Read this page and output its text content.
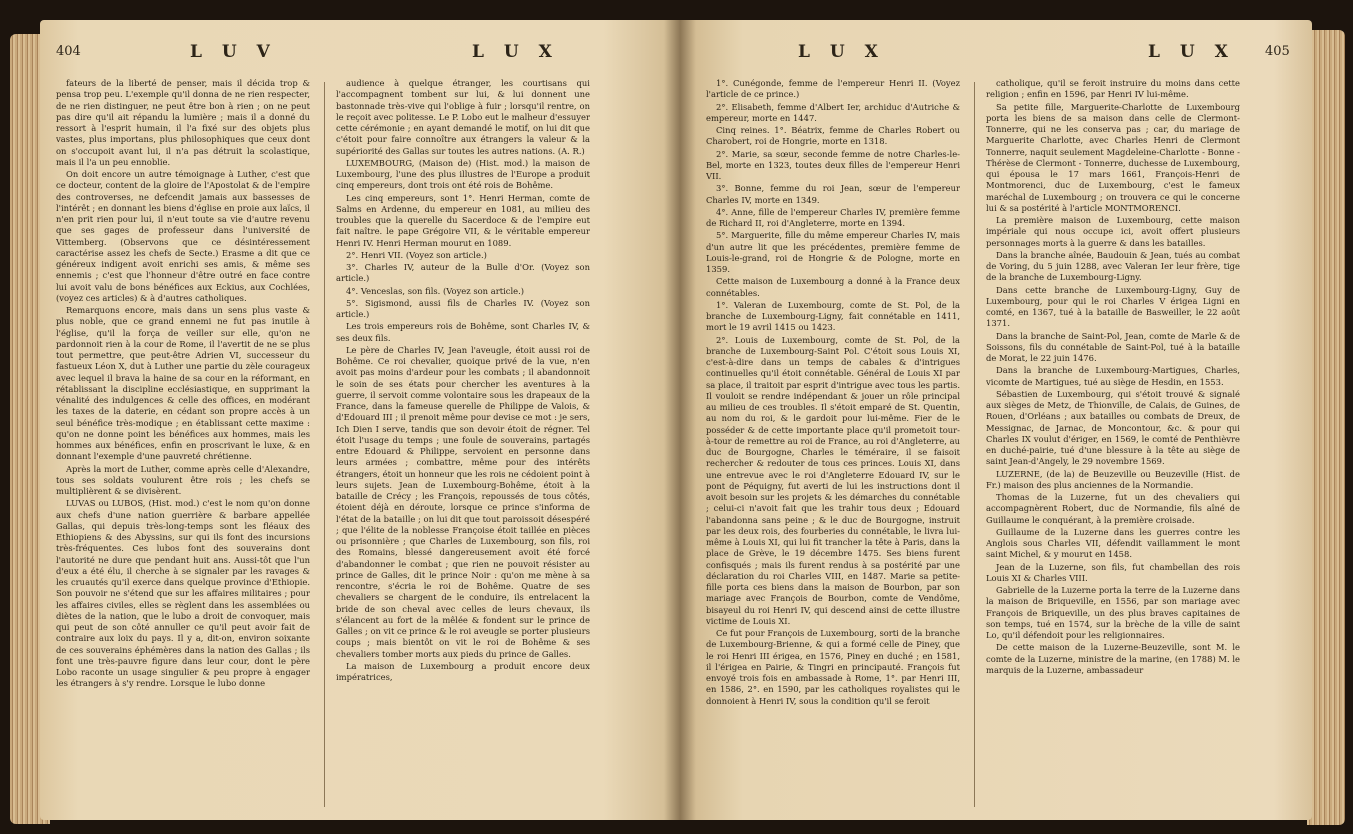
404	L U V	L U X

fateurs de la liberté de penser, mais il décida trop & pensa trop peu. L'exemple qu'il donna de ne rien respecter, de ne rien distinguer, ne peut être bon à rien ; on ne peut pas dire qu'il ait répandu la lumière ; mais il a donné du ressort à l'esprit humain, il l'a fixé sur des objets plus vastes, plus importans, plus philosophiques que ceux dont on s'occupoit avant lui, il n'a pas détruit la scolastique, mais il l'a un peu ennoblie.

On doit encore un autre témoignage à Luther, c'est que ce docteur, content de la gloire de l'Apostolat & de l'empire des controverses, ne defcendit jamais aux bassesses de l'intérêt ; en donnant les biens d'église en proie aux laïcs, il n'en prit rien pour lui, il n'eut toute sa vie d'autre revenu que ses gages de professeur dans l'université de Vittemberg. (Observons que ce désintéressement caractérise assez les chefs de Secte.) Erasme a dit que ce généreux indigent avoit enrichi ses amis, & même ses ennemis ; c'est que l'honneur d'être outré en face contre lui avoit valu de bons bénéfices aux Eckius, aux Cochlées, (voyez ces articles) & à d'autres catholiques.

Remarquons encore, mais dans un sens plus vaste & plus noble, que ce grand ennemi ne fut pas inutile à l'église, qu'il la força de veiller sur elle, qu'on ne pardonnoit rien à la cour de Rome, il l'avertit de ne se plus tout permettre, que peut-être Adrien VI, successeur du fastueux Léon X, dut à Luther une partie du zèle courageux avec lequel il brava la haine de sa cour en la réformant, en rétablissant la discipline ecclésiastique, en supprimant la vénalité des indulgences & celle des offices, en modérant les taxes de la daterie, en cédant son propre accès à un seul bénéfice très-modique ; en établissant cette maxime : qu'on ne donne point les bénéfices aux hommes, mais les hommes aux bénéfices, enfin en proscrivant le luxe, & en donnant l'exemple d'une pauvreté chrétienne.

Après la mort de Luther, comme après celle d'Alexandre, tous ses soldats voulurent être rois ; les chefs se multiplièrent & se divisèrent.

LUVAS ou LUBOS, (Hist. mod.) c'est le nom qu'on donne aux chefs d'une nation guerrière & barbare appellée Gallas, qui depuis très-long-temps sont les fléaux des Ethiopiens & des Abyssins, sur qui ils font des incursions très-fréquentes. Ces lubos font des souverains dont l'autorité ne dure que pendant huit ans. Aussi-tôt que l'un d'eux a été élu, il cherche à se signaler par les ravages & les cruautés qu'il exerce dans quelque province d'Ethiopie. Son pouvoir ne s'étend que sur les affaires militaires ; pour les affaires civiles, elles se règlent dans les assemblées ou diètes de la nation, que le lubo a droit de convoquer, mais qui peut de son côté annuller ce qu'il peut avoir fait de contraire aux loix du pays. Il y a, dit-on, environ soixante de ces souverains éphémères dans la nation des Gallas ; ils font une très-pauvre figure dans leur cour, dont le père Lobo raconte un usage singulier & peu propre à engager les étrangers à s'y rendre. Lorsque le lubo donne

audience à quelque étranger, les courtisans qui l'accompagnent tombent sur lui, & lui donnent une bastonnade très-vive qui l'oblige à fuir ; lorsqu'il rentre, on le reçoit avec politesse. Le P. Lobo eut le malheur d'essuyer cette cérémonie ; en ayant demandé le motif, on lui dit que c'étoit pour faire connoître aux étrangers la valeur & la supériorité des Gallas sur toutes les autres nations. (A. R.)

LUXEMBOURG, (Maison de) (Hist. mod.) la maison de Luxembourg, l'une des plus illustres de l'Europe a produit cinq empereurs, dont trois ont été rois de Bohême.

Les cinq empereurs, sont 1°. Henri Herman, comte de Salms en Ardenne, du empereur en 1081, au milieu des troubles que la querelle du Sacerdoce & de l'empire eut fait naître. le pape Grégoire VII, & le véritable empereur Henri IV. Henri Herman mourut en 1089.

2°. Henri VII. (Voyez son article.)

3°. Charles IV, auteur de la Bulle d'Or. (Voyez son article.)

4°. Venceslas, son fils. (Voyez son article.)

5°. Sigismond, aussi fils de Charles IV. (Voyez son article.)

Les trois empereurs rois de Bohême, sont Charles IV, & ses deux fils.

Le père de Charles IV, Jean l'aveugle, étoit aussi roi de Bohême. Ce roi chevalier, quoique privé de la vue, n'en avoit pas moins d'ardeur pour les combats ; il abandonnoit le soin de ses états pour chercher les aventures à la guerre, il servoit comme volontaire sous les drapeaux de la France, dans la fameuse querelle de Philippe de Valois, & d'Edouard III ; il prenoit même pour devise ce mot : je sers, Ich Dien I serve, tandis que son devoir étoit de régner. Tel étoit l'usage du temps ; une foule de souverains, partagés entre Edouard & Philippe, servoient en personne dans leurs armées ; combattre, même pour des intérêts étrangers, étoit un honneur que les rois ne cédoient point à leurs sujets. Jean de Luxembourg-Bohême, étoit à la bataille de Crécy ; les François, repoussés de tous côtés, étoient déjà en déroute, lorsque ce prince s'informa de l'état de la bataille ; on lui dit que tout paroissoit désespéré ; que l'élite de la noblesse Françoise étoit taillée en pièces ou prisonnière ; que Charles de Luxembourg, son fils, roi des Romains, blessé dangereusement avoit été forcé d'abandonner le combat ; que rien ne pouvoit résister au prince de Galles, dit le prince Noir : qu'on me mène à sa rencontre, s'écria le roi de Bohême. Quatre de ses chevaliers se chargent de le conduire, ils entrelacent la bride de son cheval avec celles de leurs chevaux, ils s'élancent au fort de la mêlée & fondent sur le prince de Galles ; on vit ce prince & le roi aveugle se porter plusieurs coups ; mais bientôt on vit le roi de Bohême & ses chevaliers tomber morts aux pieds du prince de Galles.

La maison de Luxembourg a produit encore deux impératrices,

L U X	L U X 405

1°. Cunégonde, femme de l'empereur Henri II. (Voyez l'article de ce prince.)

2°. Elisabeth, femme d'Albert Ier, archiduc d'Autriche & empereur, morte en 1447.

Cinq reines. 1°. Béatrix, femme de Charles Robert ou Charobert, roi de Hongrie, morte en 1318.

2°. Marie, sa sœur, seconde femme de notre Charles-le-Bel, morte en 1323, toutes deux filles de l'empereur Henri VII.

3°. Bonne, femme du roi Jean, sœur de l'empereur Charles IV, morte en 1349.

4°. Anne, fille de l'empereur Charles IV, première femme de Richard II, roi d'Angleterre, morte en 1394.

5°. Marguerite, fille du même empereur Charles IV, mais d'un autre lit que les précédentes, première femme de Louis-le-grand, roi de Hongrie & de Pologne, morte en 1359.

Cette maison de Luxembourg a donné à la France deux connétables.

1°. Valeran de Luxembourg, comte de St. Pol, de la branche de Luxembourg-Ligny, fait connétable en 1411, mort le 19 avril 1415 ou 1423.

2°. Louis de Luxembourg, comte de St. Pol, de la branche de Luxembourg-Saint Pol. C'étoit sous Louis XI, c'est-à-dire dans un temps de cabales & d'intrigues continuelles qu'il étoit connétable. Général de Louis XI par sa place, il traitoit par esprit d'intrigue avec tous les partis. Il vouloit se rendre indépendant & jouer un rôle principal au milieu de ces troubles. Il s'étoit emparé de St. Quentin, au nom du roi, & le gardoit pour lui-même. Fier de le posséder & de cette importante place qu'il prometoit tour-à-tour de remettre au roi de France, au roi d'Angleterre, au duc de Bourgogne, Charles le téméraire, il se faisoit rechercher & redouter de tous ces princes. Louis XI, dans une entrevue avec le roi d'Angleterre Edouard IV, sur le pont de Péquigny, fut averti de lui les instructions dont il avoit besoin sur les projets & les démarches du connétable ; celui-ci n'avoit fait que les trahir tous deux ; Edouard l'abandonna sans peine ; & le duc de Bourgogne, instruit par les deux rois, des fourberies du connétable, le livra lui-même à Louis XI, qui lui fit trancher la tête à Paris, dans la place de Grève, le 19 décembre 1475. Ses biens furent confisqués ; mais ils furent rendus à sa postérité par une déclaration du roi Charles VIII, en 1487. Marie sa petite-fille porta ces biens dans la maison de Bourbon, par son mariage avec François de Bourbon, comte de Vendôme, bisayeul du roi Henri IV, qui descend ainsi de cette illustre victime de Louis XI.

Ce fut pour François de Luxembourg, sorti de la branche de Luxembourg-Brienne, & qui a formé celle de Piney, que le roi Henri III érigea, en 1576, Piney en duché ; en 1581, il l'érigea en Pairie, & Tingri en principauté. François fut envoyé trois fois en ambassade à Rome, 1°. par Henri III, en 1586, 2°. en 1590, par les catholiques royalistes qui le donnoient à Henri IV, sous la condition qu'il se feroit

catholique, qu'il se feroit instruire du moins dans cette religion ; enfin en 1596, par Henri IV lui-même.

Sa petite fille, Marguerite-Charlotte de Luxembourg porta les biens de sa maison dans celle de Clermont-Tonnerre, qui ne les conserva pas ; car, du mariage de Marguerite Charlotte, avec Charles Henri de Clermont Tonnerre, naquit seulement Magdeleine-Charlotte - Bonne - Thérèse de Clermont - Tonnerre, duchesse de Luxembourg, qui épousa le 17 mars 1661, François-Henri de Montmorenci, duc de Luxembourg, c'est le fameux maréchal de Luxembourg ; on trouvera ce qui le concerne lui & sa postérité à l'article MONTMORENCI.

La première maison de Luxembourg, cette maison impériale qui nous occupe ici, avoit offert plusieurs personnages morts à la guerre & dans les batailles.

Dans la branche aînée, Baudouin & Jean, tués au combat de Voring, du 5 juin 1288, avec Valeran Ier leur frère, tige de la branche de Luxembourg-Ligny.

Dans cette branche de Luxembourg-Ligny, Guy de Luxembourg, pour qui le roi Charles V érigea Ligni en comté, en 1367, tué à la bataille de Basweiller, le 22 août 1371.

Dans la branche de Saint-Pol, Jean, comte de Marle & de Soissons, fils du connétable de Saint-Pol, tué à la bataille de Morat, le 22 juin 1476.

Dans la branche de Luxembourg-Martigues, Charles, vicomte de Martigues, tué au siège de Hesdin, en 1553.

Sébastien de Luxembourg, qui s'étoit trouvé & signalé aux sièges de Metz, de Thionville, de Calais, de Guines, de Rouen, d'Orléans ; aux batailles ou combats de Dreux, de Messignac, de Jarnac, de Moncontour, &c. & pour qui Charles IX voulut d'ériger, en 1569, le comté de Penthièvre en duché-pairie, tué d'une blessure à la tête au siège de saint Jean-d'Angely, le 29 novembre 1569.

LUZERNE, (de la) de Beuzeville ou Beuzeville (Hist. de Fr.) maison des plus anciennes de la Normandie.

Thomas de la Luzerne, fut un des chevaliers qui accompagnèrent Robert, duc de Normandie, fils aîné de Guillaume le conquérant, à la première croisade.

Guillaume de la Luzerne dans les guerres contre les Anglois sous Charles VII, défendit vaillamment le mont saint Michel, & y mourut en 1458.

Jean de la Luzerne, son fils, fut chambellan des rois Louis XI & Charles VIII.

Gabrielle de la Luzerne porta la terre de la Luzerne dans la maison de Briqueville, en 1556, par son mariage avec François de Briqueville, un des plus braves capitaines de son temps, tué en 1574, sur la brèche de la ville de saint Lo, qu'il défendoit pour les religionnaires.

De cette maison de la Luzerne-Beuzeville, sont M. le comte de la Luzerne, ministre de la marine, (en 1788) M. le marquis de la Luzerne, ambassadeur
